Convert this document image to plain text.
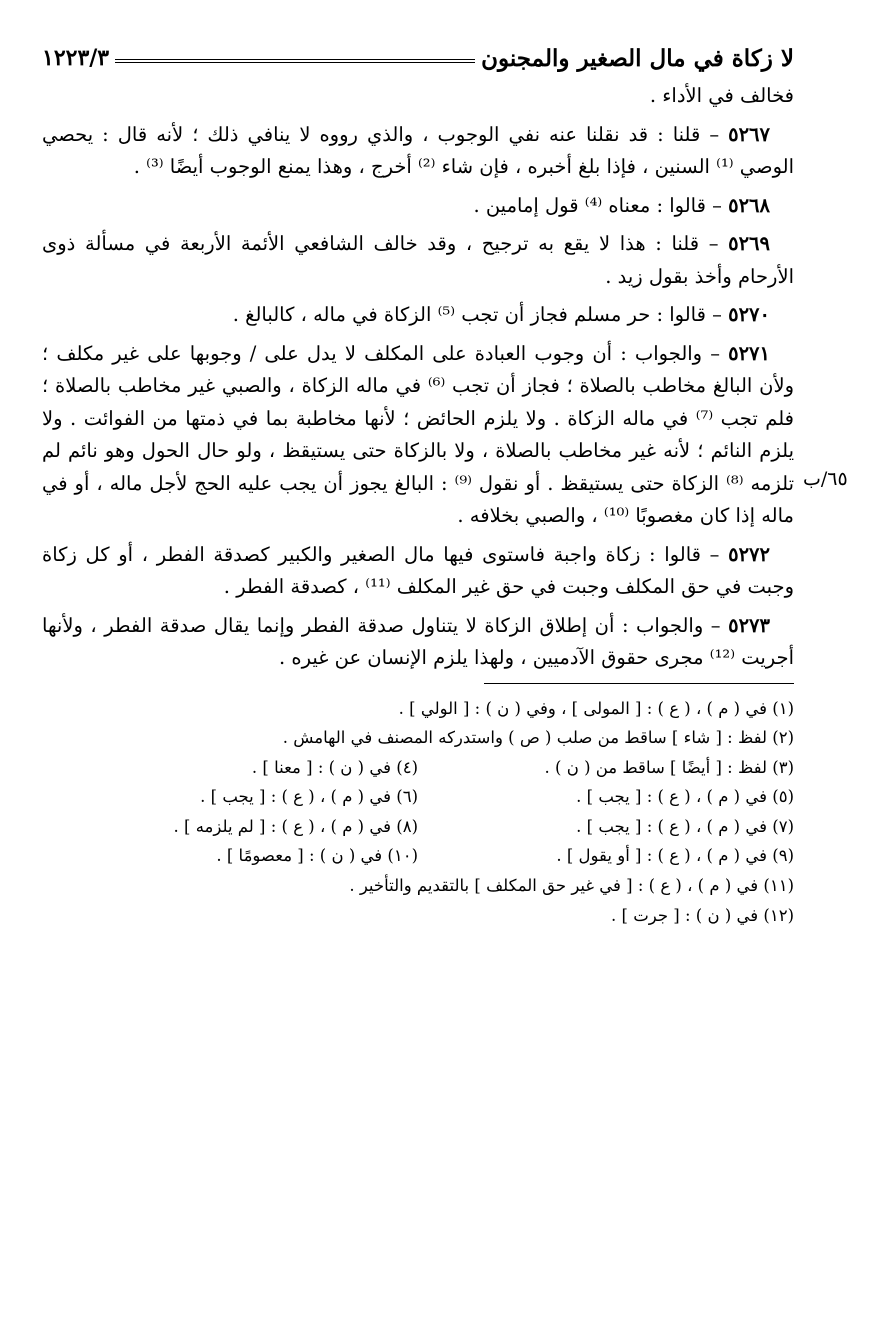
لا زكاة في مال الصغير والمجنون
١٢٢٣/٣

فخالف في الأداء .

٥٢٦٧ – قلنا : قد نقلنا عنه نفي الوجوب ، والذي رووه لا ينافي ذلك ؛ لأنه قال : يحصي الوصي ⁽¹⁾ السنين ، فإذا بلغ أخبره ، فإن شاء ⁽²⁾ أخرج ، وهذا يمنع الوجوب أيضًا ⁽³⁾ .

٥٢٦٨ – قالوا : معناه ⁽⁴⁾ قول إمامين .

٥٢٦٩ – قلنا : هذا لا يقع به ترجيح ، وقد خالف الشافعي الأئمة الأربعة في مسألة ذوى الأرحام وأخذ بقول زيد .

٥٢٧٠ – قالوا : حر مسلم فجاز أن تجب ⁽⁵⁾ الزكاة في ماله ، كالبالغ .

٥٢٧١ – والجواب : أن وجوب العبادة على المكلف لا يدل على / وجوبها على غير مكلف ؛ ولأن البالغ مخاطب بالصلاة ؛ فجاز أن تجب ⁽⁶⁾ في ماله الزكاة ، والصبي غير مخاطب بالصلاة ؛ فلم تجب ⁽⁷⁾ في ماله الزكاة . ولا يلزم الحائض ؛ لأنها مخاطبة بما في ذمتها من الفوائت . ولا يلزم النائم ؛ لأنه غير مخاطب بالصلاة ، ولا بالزكاة حتى يستيقظ ، ولو حال الحول وهو نائم لم تلزمه ⁽⁸⁾ الزكاة حتى يستيقظ . أو نقول ⁽⁹⁾ : البالغ يجوز أن يجب عليه الحج لأجل ماله ، أو في ماله إذا كان مغصوبًا ⁽¹⁰⁾ ، والصبي بخلافه .

٥٢٧٢ – قالوا : زكاة واجبة فاستوى فيها مال الصغير والكبير كصدقة الفطر ، أو كل زكاة وجبت في حق المكلف وجبت في حق غير المكلف ⁽¹¹⁾ ، كصدقة الفطر .

٥٢٧٣ – والجواب : أن إطلاق الزكاة لا يتناول صدقة الفطر وإنما يقال صدقة الفطر ، ولأنها أجريت ⁽¹²⁾ مجرى حقوق الآدميين ، ولهذا يلزم الإنسان عن غيره .

(١) في ( م ) ، ( ع ) : [ المولى ] ، وفي ( ن ) : [ الولي ] .
(٢) لفظ : [ شاء ] ساقط من صلب ( ص ) واستدركه المصنف في الهامش .
(٣) لفظ : [ أيضًا ] ساقط من ( ن ) .
(٤) في ( ن ) : [ معنا ] .
(٥) في ( م ) ، ( ع ) : [ يجب ] .
(٦) في ( م ) ، ( ع ) : [ يجب ] .
(٧) في ( م ) ، ( ع ) : [ يجب ] .
(٨) في ( م ) ، ( ع ) : [ لم يلزمه ] .
(٩) في ( م ) ، ( ع ) : [ أو يقول ] .
(١٠) في ( ن ) : [ معصومًا ] .
(١١) في ( م ) ، ( ع ) : [ في غير حق المكلف ] بالتقديم والتأخير .
(١٢) في ( ن ) : [ جرت ] .
٦٥/ب
